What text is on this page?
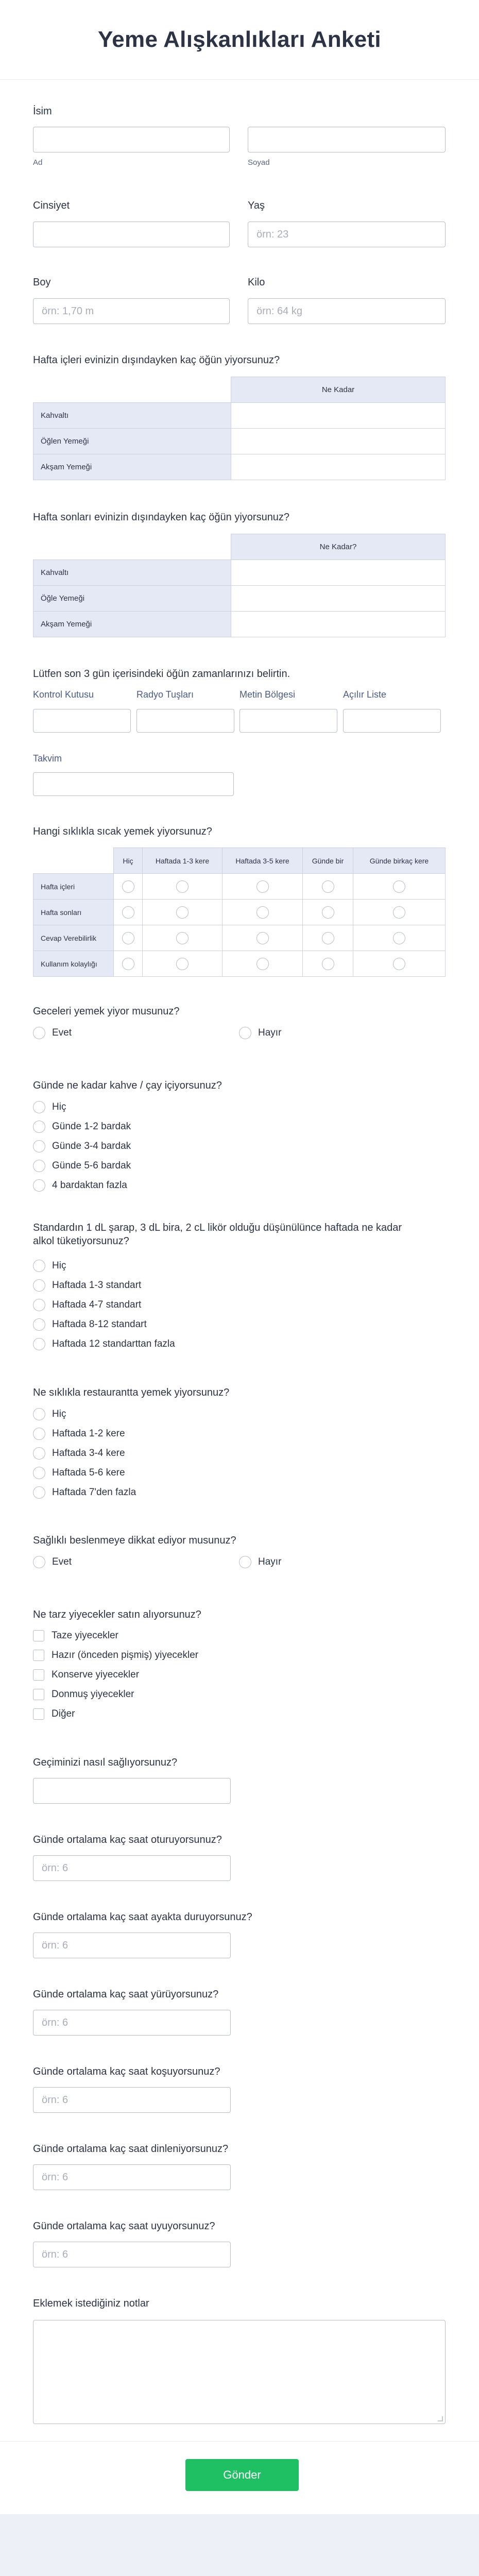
Yeme Alışkanlıkları Anketi
İsim
Ad	Soyad
Cinsiyet	Yaş
örn: 23
Boy
örn: 1,70 m
Kilo
örn: 64 kg
Hafta içleri evinizin dışındayken kaç öğün yiyorsunuz?
	Ne Kadar
Kahvaltı	
Öğlen Yemeği	
Akşam Yemeği	
Hafta sonları evinizin dışındayken kaç öğün yiyorsunuz?
	Ne Kadar?
Kahvaltı	
Öğle Yemeği	
Akşam Yemeği	
Lütfen son 3 gün içerisindeki öğün zamanlarınızı belirtin.
Kontrol Kutusu	Radyo Tuşları	Metin Bölgesi	Açılır Liste
Takvim
Hangi sıklıkla sıcak yemek yiyorsunuz?
	Hiç	Haftada 1-3 kere	Haftada 3-5 kere	Günde bir	Günde birkaç kere
Hafta içleri					
Hafta sonları					
Cevap Verebilirlik					
Kullanım kolaylığı					
Geceleri yemek yiyor musunuz?
Evet	Hayır
Günde ne kadar kahve / çay içiyorsunuz?
Hiç
Günde 1-2 bardak
Günde 3-4 bardak
Günde 5-6 bardak
4 bardaktan fazla
Standardın 1 dL şarap, 3 dL bira, 2 cL likör olduğu düşünülünce haftada ne kadar
alkol tüketiyorsunuz?
Hiç
Haftada 1-3 standart
Haftada 4-7 standart
Haftada 8-12 standart
Haftada 12 standarttan fazla
Ne sıklıkla restaurantta yemek yiyorsunuz?
Hiç
Haftada 1-2 kere
Haftada 3-4 kere
Haftada 5-6 kere
Haftada 7'den fazla
Sağlıklı beslenmeye dikkat ediyor musunuz?
Evet	Hayır
Ne tarz yiyecekler satın alıyorsunuz?
Taze yiyecekler
Hazır (önceden pişmiş) yiyecekler
Konserve yiyecekler
Donmuş yiyecekler
Diğer
Geçiminizi nasıl sağlıyorsunuz?
Günde ortalama kaç saat oturuyorsunuz?
örn: 6
Günde ortalama kaç saat ayakta duruyorsunuz?
örn: 6
Günde ortalama kaç saat yürüyorsunuz?
örn: 6
Günde ortalama kaç saat koşuyorsunuz?
örn: 6
Günde ortalama kaç saat dinleniyorsunuz?
örn: 6
Günde ortalama kaç saat uyuyorsunuz?
örn: 6
Eklemek istediğiniz notlar
Gönder
